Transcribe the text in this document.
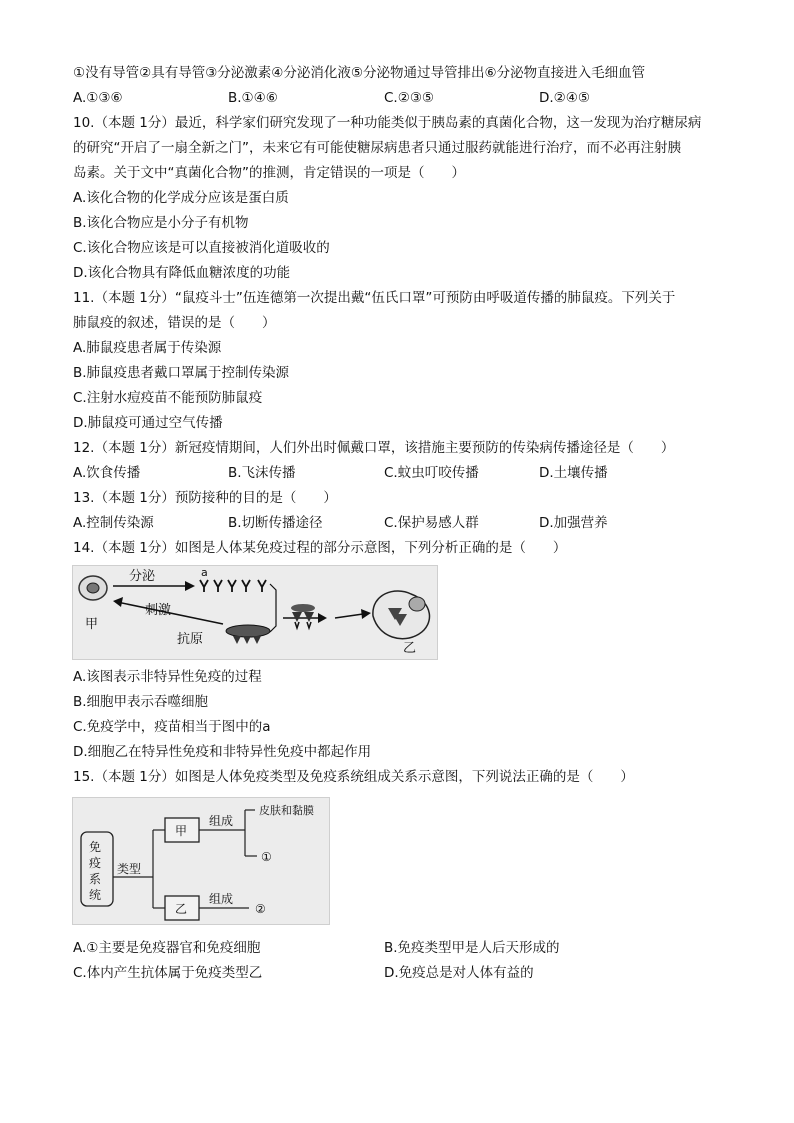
①没有导管②具有导管③分泌激素④分泌消化液⑤分泌物通过导管排出⑥分泌物直接进入毛细血管
A.①③⑥	B.①④⑥	C.②③⑤	D.②④⑤
10.（本题 1分）最近，科学家们研究发现了一种功能类似于胰岛素的真菌化合物，这一发现为治疗糖尿病
的研究“开启了一扇全新之门”，未来它有可能使糖尿病患者只通过服药就能进行治疗，而不必再注射胰
岛素。关于文中“真菌化合物”的推测，肯定错误的一项是（　　）
A.该化合物的化学成分应该是蛋白质
B.该化合物应是小分子有机物
C.该化合物应该是可以直接被消化道吸收的
D.该化合物具有降低血糖浓度的功能
11.（本题 1分）“鼠疫斗士”伍连德第一次提出戴“伍氏口罩”可预防由呼吸道传播的肺鼠疫。下列关于
肺鼠疫的叙述，错误的是（　　）
A.肺鼠疫患者属于传染源
B.肺鼠疫患者戴口罩属于控制传染源
C.注射水痘疫苗不能预防肺鼠疫
D.肺鼠疫可通过空气传播
12.（本题 1分）新冠疫情期间，人们外出时佩戴口罩，该措施主要预防的传染病传播途径是（　　）
A.饮食传播	B.飞沫传播	C.蚊虫叮咬传播	D.土壤传播
13.（本题 1分）预防接种的目的是（　　）
A.控制传染源	B.切断传播途径	C.保护易感人群	D.加强营养
14.（本题 1分）如图是人体某免疫过程的部分示意图，下列分析正确的是（　　）
甲
分泌	a
抗原
刺激
乙
A.该图表示非特异性免疫的过程
B.细胞甲表示吞噬细胞
C.免疫学中，疫苗相当于图中的a
D.细胞乙在特异性免疫和非特异性免疫中都起作用
15.（本题 1分）如图是人体免疫类型及免疫系统组成关系示意图，下列说法正确的是（　　）
免
疫
系
统
类型
甲
乙
组成
皮肤和黏膜
①
组成
②
A.①主要是免疫器官和免疫细胞	B.免疫类型甲是人后天形成的
C.体内产生抗体属于免疫类型乙	D.免疫总是对人体有益的
